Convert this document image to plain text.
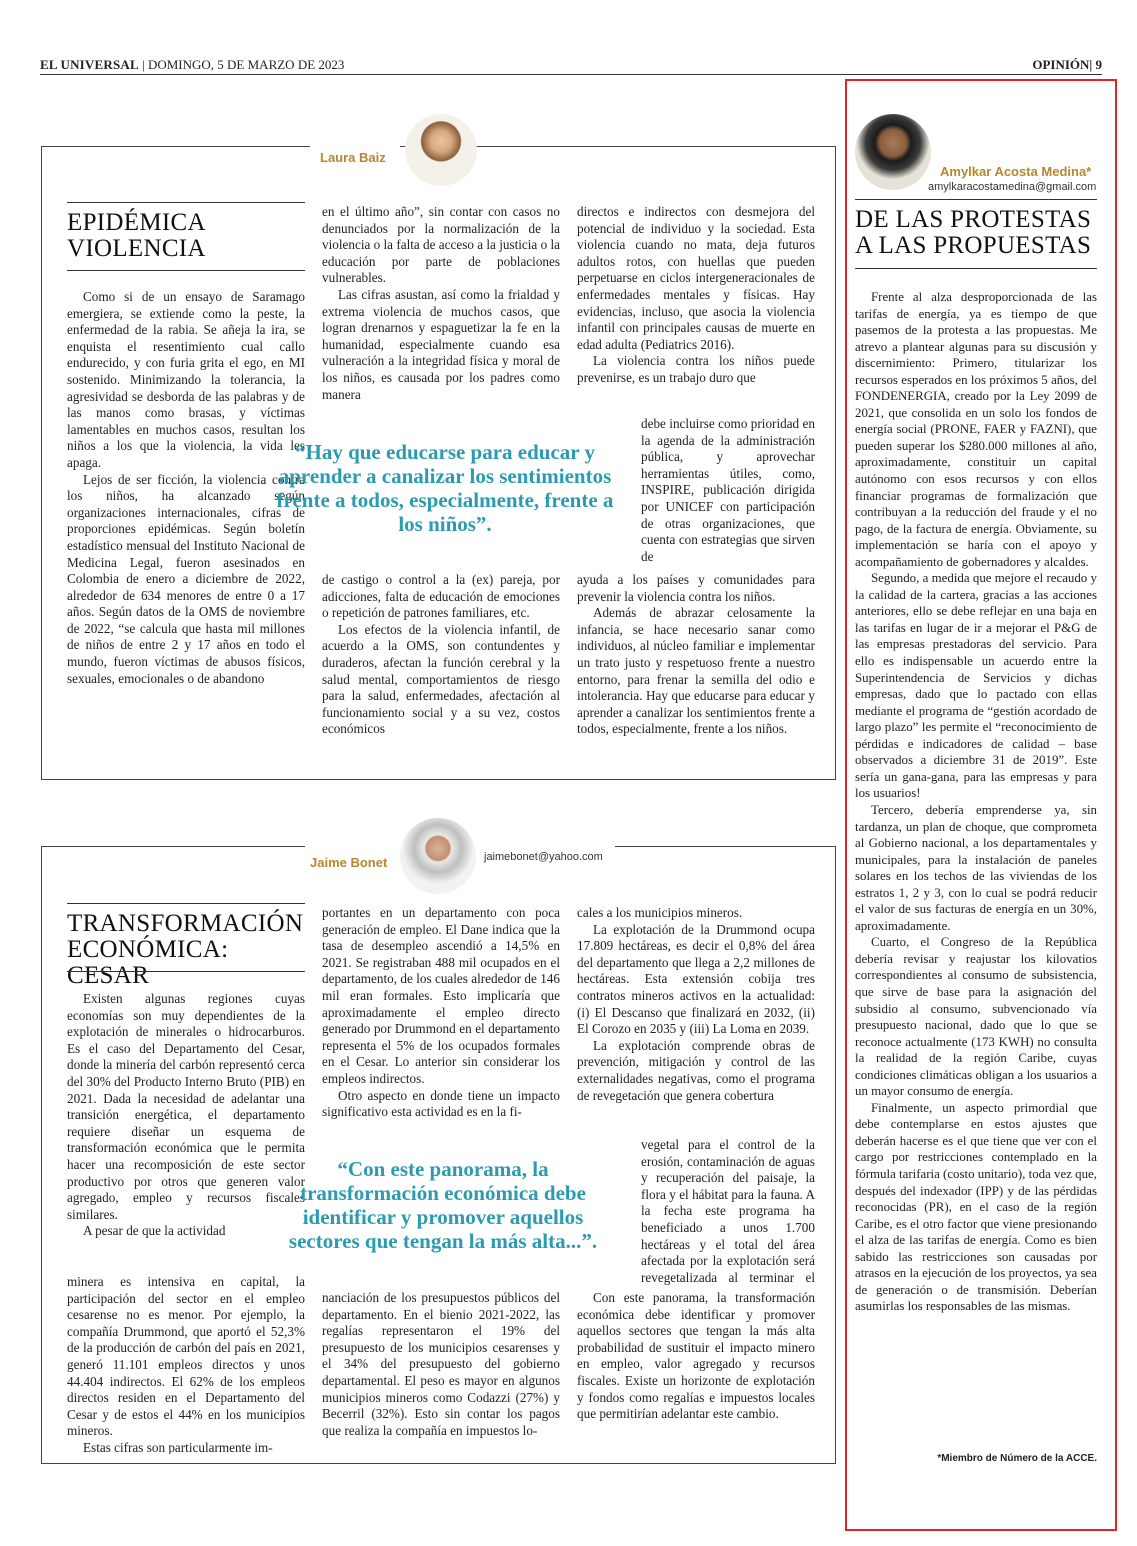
EL UNIVERSAL | DOMINGO, 5 DE MARZO DE 2023	OPINIÓN| 9
Laura Baiz
EPIDÉMICA VIOLENCIA

Como si de un ensayo de Saramago emergiera, se extiende como la peste, la enfermedad de la rabia. Se añeja la ira, se enquista el resentimiento cual callo endurecido, y con furia grita el ego, en MI sostenido. Minimizando la tolerancia, la agresividad se desborda de las palabras y de las manos como brasas, y víctimas lamentables en muchos casos, resultan los niños a los que la violencia, la vida les apaga.

Lejos de ser ficción, la violencia contra los niños, ha alcanzado según organizaciones internacionales, cifras de proporciones epidémicas. Según boletín estadístico mensual del Instituto Nacional de Medicina Legal, fueron asesinados en Colombia de enero a diciembre de 2022, alrededor de 634 menores de entre 0 a 17 años. Según datos de la OMS de noviembre de 2022, “se calcula que hasta mil millones de niños de entre 2 y 17 años en todo el mundo, fueron víctimas de abusos físicos, sexuales, emocionales o de abandono

en el último año”, sin contar con casos no denunciados por la normalización de la violencia o la falta de acceso a la justicia o la educación por parte de poblaciones vulnerables.

Las cifras asustan, así como la frialdad y extrema violencia de muchos casos, que logran drenarnos y espaguetizar la fe en la humanidad, especialmente cuando esa vulneración a la integridad física y moral de los niños, es causada por los padres como manera

“Hay que educarse para educar y aprender a canalizar los sentimientos frente a todos, especialmente, frente a los niños”.

de castigo o control a la (ex) pareja, por adicciones, falta de educación de emociones o repetición de patrones familiares, etc.

Los efectos de la violencia infantil, de acuerdo a la OMS, son contundentes y duraderos, afectan la función cerebral y la salud mental, comportamientos de riesgo para la salud, enfermedades, afectación al funcionamiento social y a su vez, costos económicos

directos e indirectos con desmejora del potencial de individuo y la sociedad. Esta violencia cuando no mata, deja futuros adultos rotos, con huellas que pueden perpetuarse en ciclos intergeneracionales de enfermedades mentales y físicas. Hay evidencias, incluso, que asocia la violencia infantil con principales causas de muerte en edad adulta (Pediatrics 2016).

La violencia contra los niños puede prevenirse, es un trabajo duro que

debe incluirse como prioridad en la agenda de la administración pública, y aprovechar herramientas útiles, como, INSPIRE, publicación dirigida por UNICEF con participación de otras organizaciones, que cuenta con estrategias que sirven de

ayuda a los países y comunidades para prevenir la violencia contra los niños.

Además de abrazar celosamente la infancia, se hace necesario sanar como individuos, al núcleo familiar e implementar un trato justo y respetuoso frente a nuestro entorno, para frenar la semilla del odio e intolerancia. Hay que educarse para educar y aprender a canalizar los sentimientos frente a todos, especialmente, frente a los niños.

Jaime Bonet	jaimebonet@yahoo.com
TRANSFORMACIÓN ECONÓMICA: CESAR

Existen algunas regiones cuyas economías son muy dependientes de la explotación de minerales o hidrocarburos. Es el caso del Departamento del Cesar, donde la minería del carbón representó cerca del 30% del Producto Interno Bruto (PIB) en 2021. Dada la necesidad de adelantar una transición energética, el departamento requiere diseñar un esquema de transformación económica que le permita hacer una recomposición de este sector productivo por otros que generen valor agregado, empleo y recursos fiscales similares.

A pesar de que la actividad

minera es intensiva en capital, la participación del sector en el empleo cesarense no es menor. Por ejemplo, la compañía Drummond, que aportó el 52,3% de la producción de carbón del país en 2021, generó 11.101 empleos directos y unos 44.404 indirectos. El 62% de los empleos directos residen en el Departamento del Cesar y de estos el 44% en los municipios mineros.

Estas cifras son particularmente im-

portantes en un departamento con poca generación de empleo. El Dane indica que la tasa de desempleo ascendió a 14,5% en 2021. Se registraban 488 mil ocupados en el departamento, de los cuales alrededor de 146 mil eran formales. Esto implicaría que aproximadamente el empleo directo generado por Drummond en el departamento representa el 5% de los ocupados formales en el Cesar. Lo anterior sin considerar los empleos indirectos.

Otro aspecto en donde tiene un impacto significativo esta actividad es en la fi-

“Con este panorama, la transformación económica debe identificar y promover aquellos sectores que tengan la más alta...”.

nanciación de los presupuestos públicos del departamento. En el bienio 2021-2022, las regalías representaron el 19% del presupuesto de los municipios cesarenses y el 34% del presupuesto del gobierno departamental. El peso es mayor en algunos municipios mineros como Codazzi (27%) y Becerril (32%). Esto sin contar los pagos que realiza la compañía en impuestos lo-

cales a los municipios mineros.

La explotación de la Drummond ocupa 17.809 hectáreas, es decir el 0,8% del área del departamento que llega a 2,2 millones de hectáreas. Esta extensión cobija tres contratos mineros activos en la actualidad: (i) El Descanso que finalizará en 2032, (ii) El Corozo en 2035 y (iii) La Loma en 2039.

La explotación comprende obras de prevención, mitigación y control de las externalidades negativas, como el programa de revegetación que genera cobertura

vegetal para el control de la erosión, contaminación de aguas y recuperación del paisaje, la flora y el hábitat para la fauna. A la fecha este programa ha beneficiado a unos 1.700 hectáreas y el total del área afectada por la explotación será revegetalizada al terminar el

Con este panorama, la transformación económica debe identificar y promover aquellos sectores que tengan la más alta probabilidad de sustituir el impacto minero en empleo, valor agregado y recursos fiscales. Existe un horizonte de explotación y fondos como regalías e impuestos locales que permitirían adelantar este cambio.

Amylkar Acosta Medina*
amylkaracostamedina@gmail.com
DE LAS PROTESTAS A LAS PROPUESTAS

Frente al alza desproporcionada de las tarifas de energía, ya es tiempo de que pasemos de la protesta a las propuestas. Me atrevo a plantear algunas para su discusión y discernimiento: Primero, titularizar los recursos esperados en los próximos 5 años, del FONDENERGIA, creado por la Ley 2099 de 2021, que consolida en un solo los fondos de energía social (PRONE, FAER y FAZNI), que pueden superar los $280.000 millones al año, aproximadamente, constituir un capital autónomo con esos recursos y con ellos financiar programas de formalización que contribuyan a la reducción del fraude y el no pago, de la factura de energía. Obviamente, su implementación se haría con el apoyo y acompañamiento de gobernadores y alcaldes.

Segundo, a medida que mejore el recaudo y la calidad de la cartera, gracias a las acciones anteriores, ello se debe reflejar en una baja en las tarifas en lugar de ir a mejorar el P&G de las empresas prestadoras del servicio. Para ello es indispensable un acuerdo entre la Superintendencia de Servicios y dichas empresas, dado que lo pactado con ellas mediante el programa de “gestión acordado de largo plazo” les permite el “reconocimiento de pérdidas e indicadores de calidad – base observados a diciembre 31 de 2019”. Este sería un gana-gana, para las empresas y para los usuarios!

Tercero, debería emprenderse ya, sin tardanza, un plan de choque, que comprometa al Gobierno nacional, a los departamentales y municipales, para la instalación de paneles solares en los techos de las viviendas de los estratos 1, 2 y 3, con lo cual se podrá reducir el valor de sus facturas de energía en un 30%, aproximadamente.

Cuarto, el Congreso de la República debería revisar y reajustar los kilovatios correspondientes al consumo de subsistencia, que sirve de base para la asignación del subsidio al consumo, subvencionado vía presupuesto nacional, dado que lo que se reconoce actualmente (173 KWH) no consulta la realidad de la región Caribe, cuyas condiciones climáticas obligan a los usuarios a un mayor consumo de energía.

Finalmente, un aspecto primordial que debe contemplarse en estos ajustes que deberán hacerse es el que tiene que ver con el cargo por restricciones contemplado en la fórmula tarifaria (costo unitario), toda vez que, después del indexador (IPP) y de las pérdidas reconocidas (PR), en el caso de la región Caribe, es el otro factor que viene presionando el alza de las tarifas de energía. Como es bien sabido las restricciones son causadas por atrasos en la ejecución de los proyectos, ya sea de generación o de transmisión. Deberían asumirlas los responsables de las mismas.

*Miembro de Número de la ACCE.
